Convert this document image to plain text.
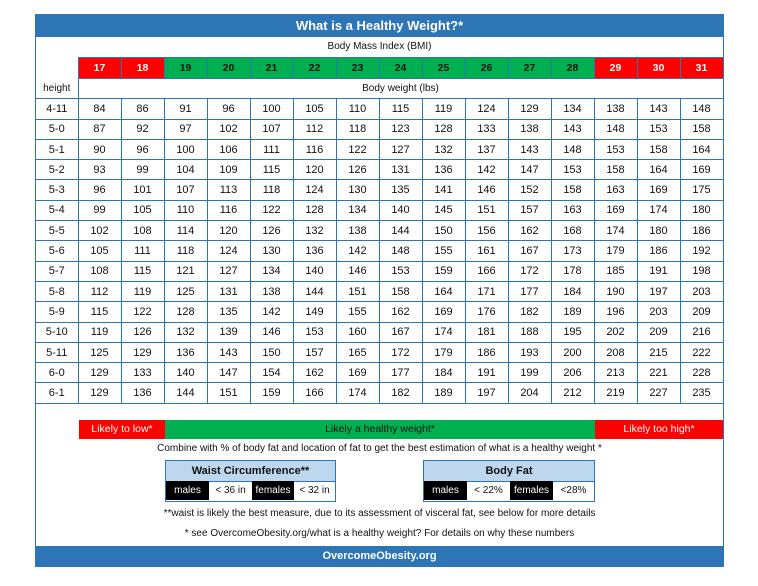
What is a Healthy Weight?*
Body Mass Index (BMI)
	17	18	19	20	21	22	23	24	25	26	27	28	29	30	31
height	Body weight (lbs)														
4-11	84	86	91	96	100	105	110	115	119	124	129	134	138	143	148
5-0	87	92	97	102	107	112	118	123	128	133	138	143	148	153	158
5-1	90	96	100	106	111	116	122	127	132	137	143	148	153	158	164
5-2	93	99	104	109	115	120	126	131	136	142	147	153	158	164	169
5-3	96	101	107	113	118	124	130	135	141	146	152	158	163	169	175
5-4	99	105	110	116	122	128	134	140	145	151	157	163	169	174	180
5-5	102	108	114	120	126	132	138	144	150	156	162	168	174	180	186
5-6	105	111	118	124	130	136	142	148	155	161	167	173	179	186	192
5-7	108	115	121	127	134	140	146	153	159	166	172	178	185	191	198
5-8	112	119	125	131	138	144	151	158	164	171	177	184	190	197	203
5-9	115	122	128	135	142	149	155	162	169	176	182	189	196	203	209
5-10	119	126	132	139	146	153	160	167	174	181	188	195	202	209	216
5-11	125	129	136	143	150	157	165	172	179	186	193	200	208	215	222
6-0	129	133	140	147	154	162	169	177	184	191	199	206	213	221	228
6-1	129	136	144	151	159	166	174	182	189	197	204	212	219	227	235
Likely to low*	Likely a healthy weight*	Likely too high*
Combine with % of body fat and location of fat to get the best estimation of what is a healthy weight *
Waist Circumference**
males	< 36 in females < 32 in
Body Fat
males	< 22%	females	<28%
**waist is likely the best measure, due to its assessment of visceral fat, see below for more details
* see OvercomeObesity.org/what is a healthy weight? For details on why these numbers
OvercomeObesity.org
